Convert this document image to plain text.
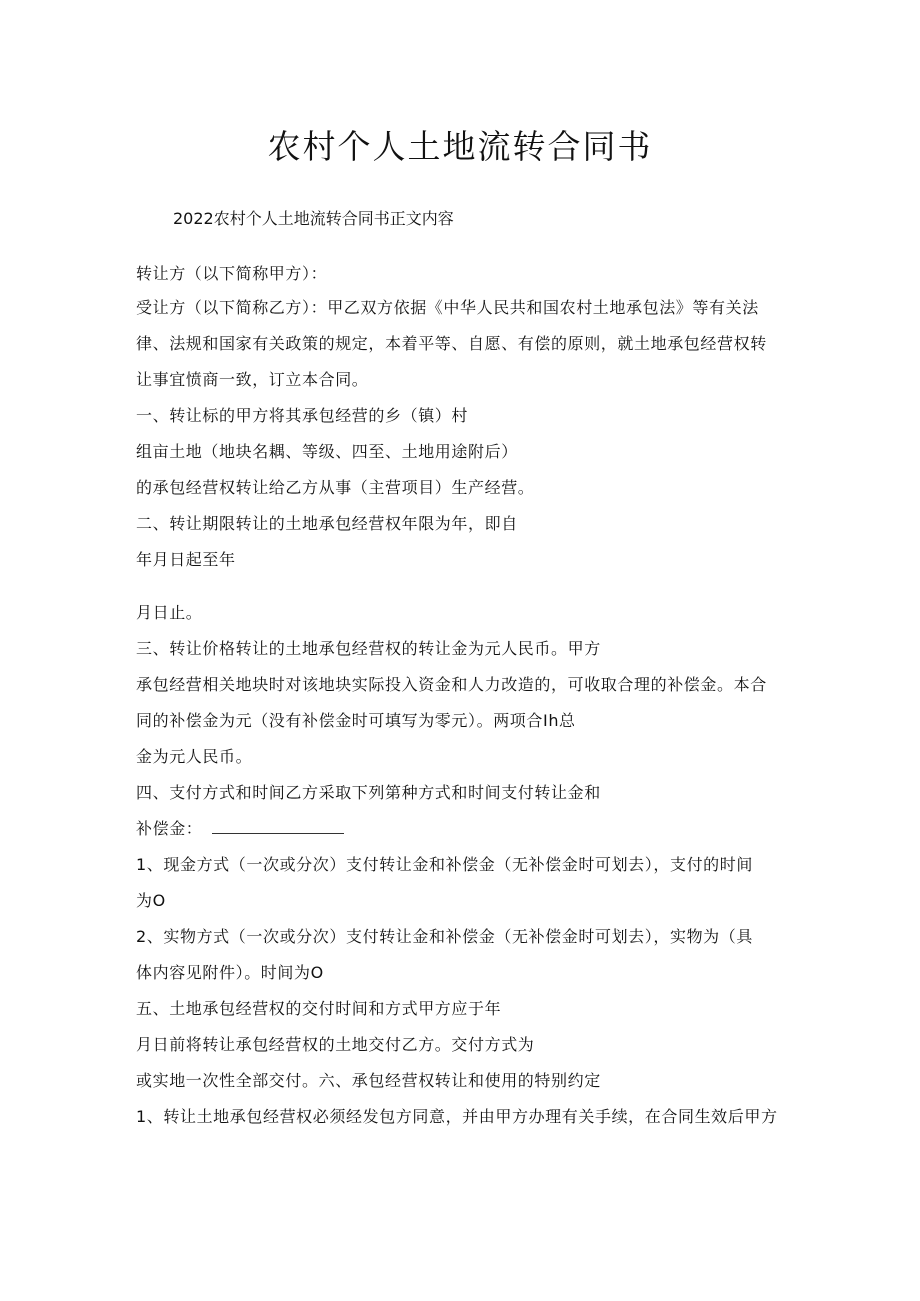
农村个人土地流转合同书
2022农村个人土地流转合同书正文内容
转让方（以下简称甲方）：
受让方（以下简称乙方）：甲乙双方依据《中华人民共和国农村土地承包法》等有关法
律、法规和国家有关政策的规定，本着平等、自愿、有偿的原则，就土地承包经营权转
让事宜愤商一致，订立本合同。
一、转让标的甲方将其承包经营的乡（镇）村
组亩土地（地块名耦、等级、四至、土地用途附后）
的承包经营权转让给乙方从事（主营项目）生产经营。
二、转让期限转让的土地承包经营权年限为年，即自
年月日起至年
月日止。
三、转让价格转让的土地承包经营权的转让金为元人民币。甲方
承包经营相关地块时对该地块实际投入资金和人力改造的，可收取合理的补偿金。本合
同的补偿金为元（没有补偿金时可填写为零元）。两项合Ih总
金为元人民币。
四、支付方式和时间乙方采取下列第种方式和时间支付转让金和
补偿金：
1、现金方式（一次或分次）支付转让金和补偿金（无补偿金时可划去），支付的时间
为O
2、实物方式（一次或分次）支付转让金和补偿金（无补偿金时可划去），实物为（具
体内容见附件）。时间为O
五、土地承包经营权的交付时间和方式甲方应于年
月日前将转让承包经营权的土地交付乙方。交付方式为
或实地一次性全部交付。六、承包经营权转让和使用的特别约定
1、转让土地承包经营权必须经发包方同意，并由甲方办理有关手续，在合同生效后甲方
